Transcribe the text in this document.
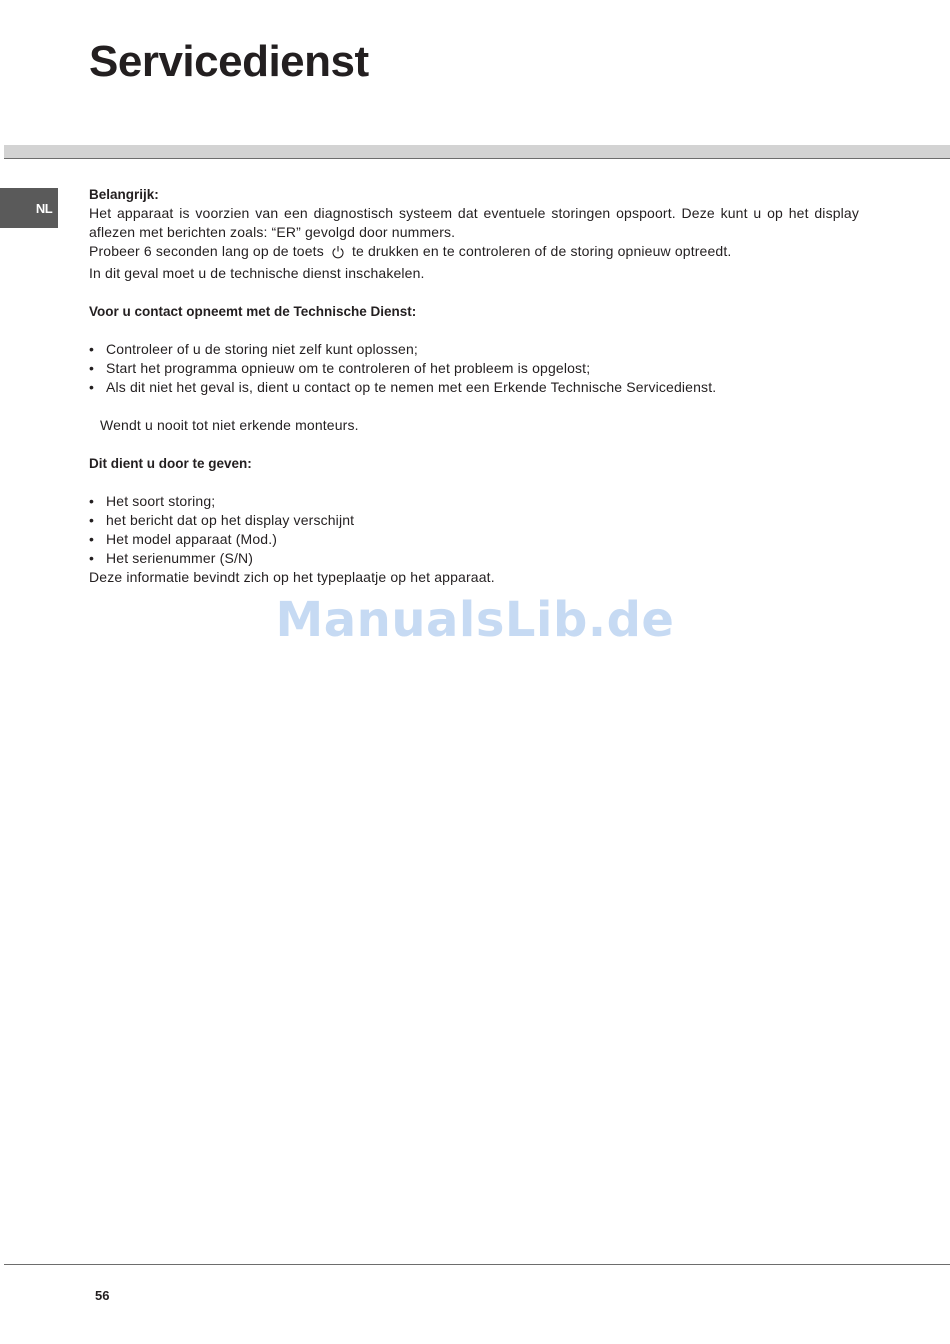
Servicedienst
NL

Belangrijk:

Het apparaat is voorzien van een diagnostisch systeem dat eventuele storingen opspoort. Deze kunt u op het display aflezen met berichten zoals: “ER” gevolgd door nummers.

Probeer 6 seconden lang op de toets te drukken en te controleren of de storing opnieuw optreedt.

In dit geval moet u de technische dienst inschakelen.

Voor u contact opneemt met de Technische Dienst:

• Controleer of u de storing niet zelf kunt oplossen;
• Start het programma opnieuw om te controleren of het probleem is opgelost;
• Als dit niet het geval is, dient u contact op te nemen met een Erkende Technische Servicedienst.

Wendt u nooit tot niet erkende monteurs.

Dit dient u door te geven:

• Het soort storing;
• het bericht dat op het display verschijnt
• Het model apparaat (Mod.)
• Het serienummer (S/N)

Deze informatie bevindt zich op het typeplaatje op het apparaat.

ManualsLib.de
56
